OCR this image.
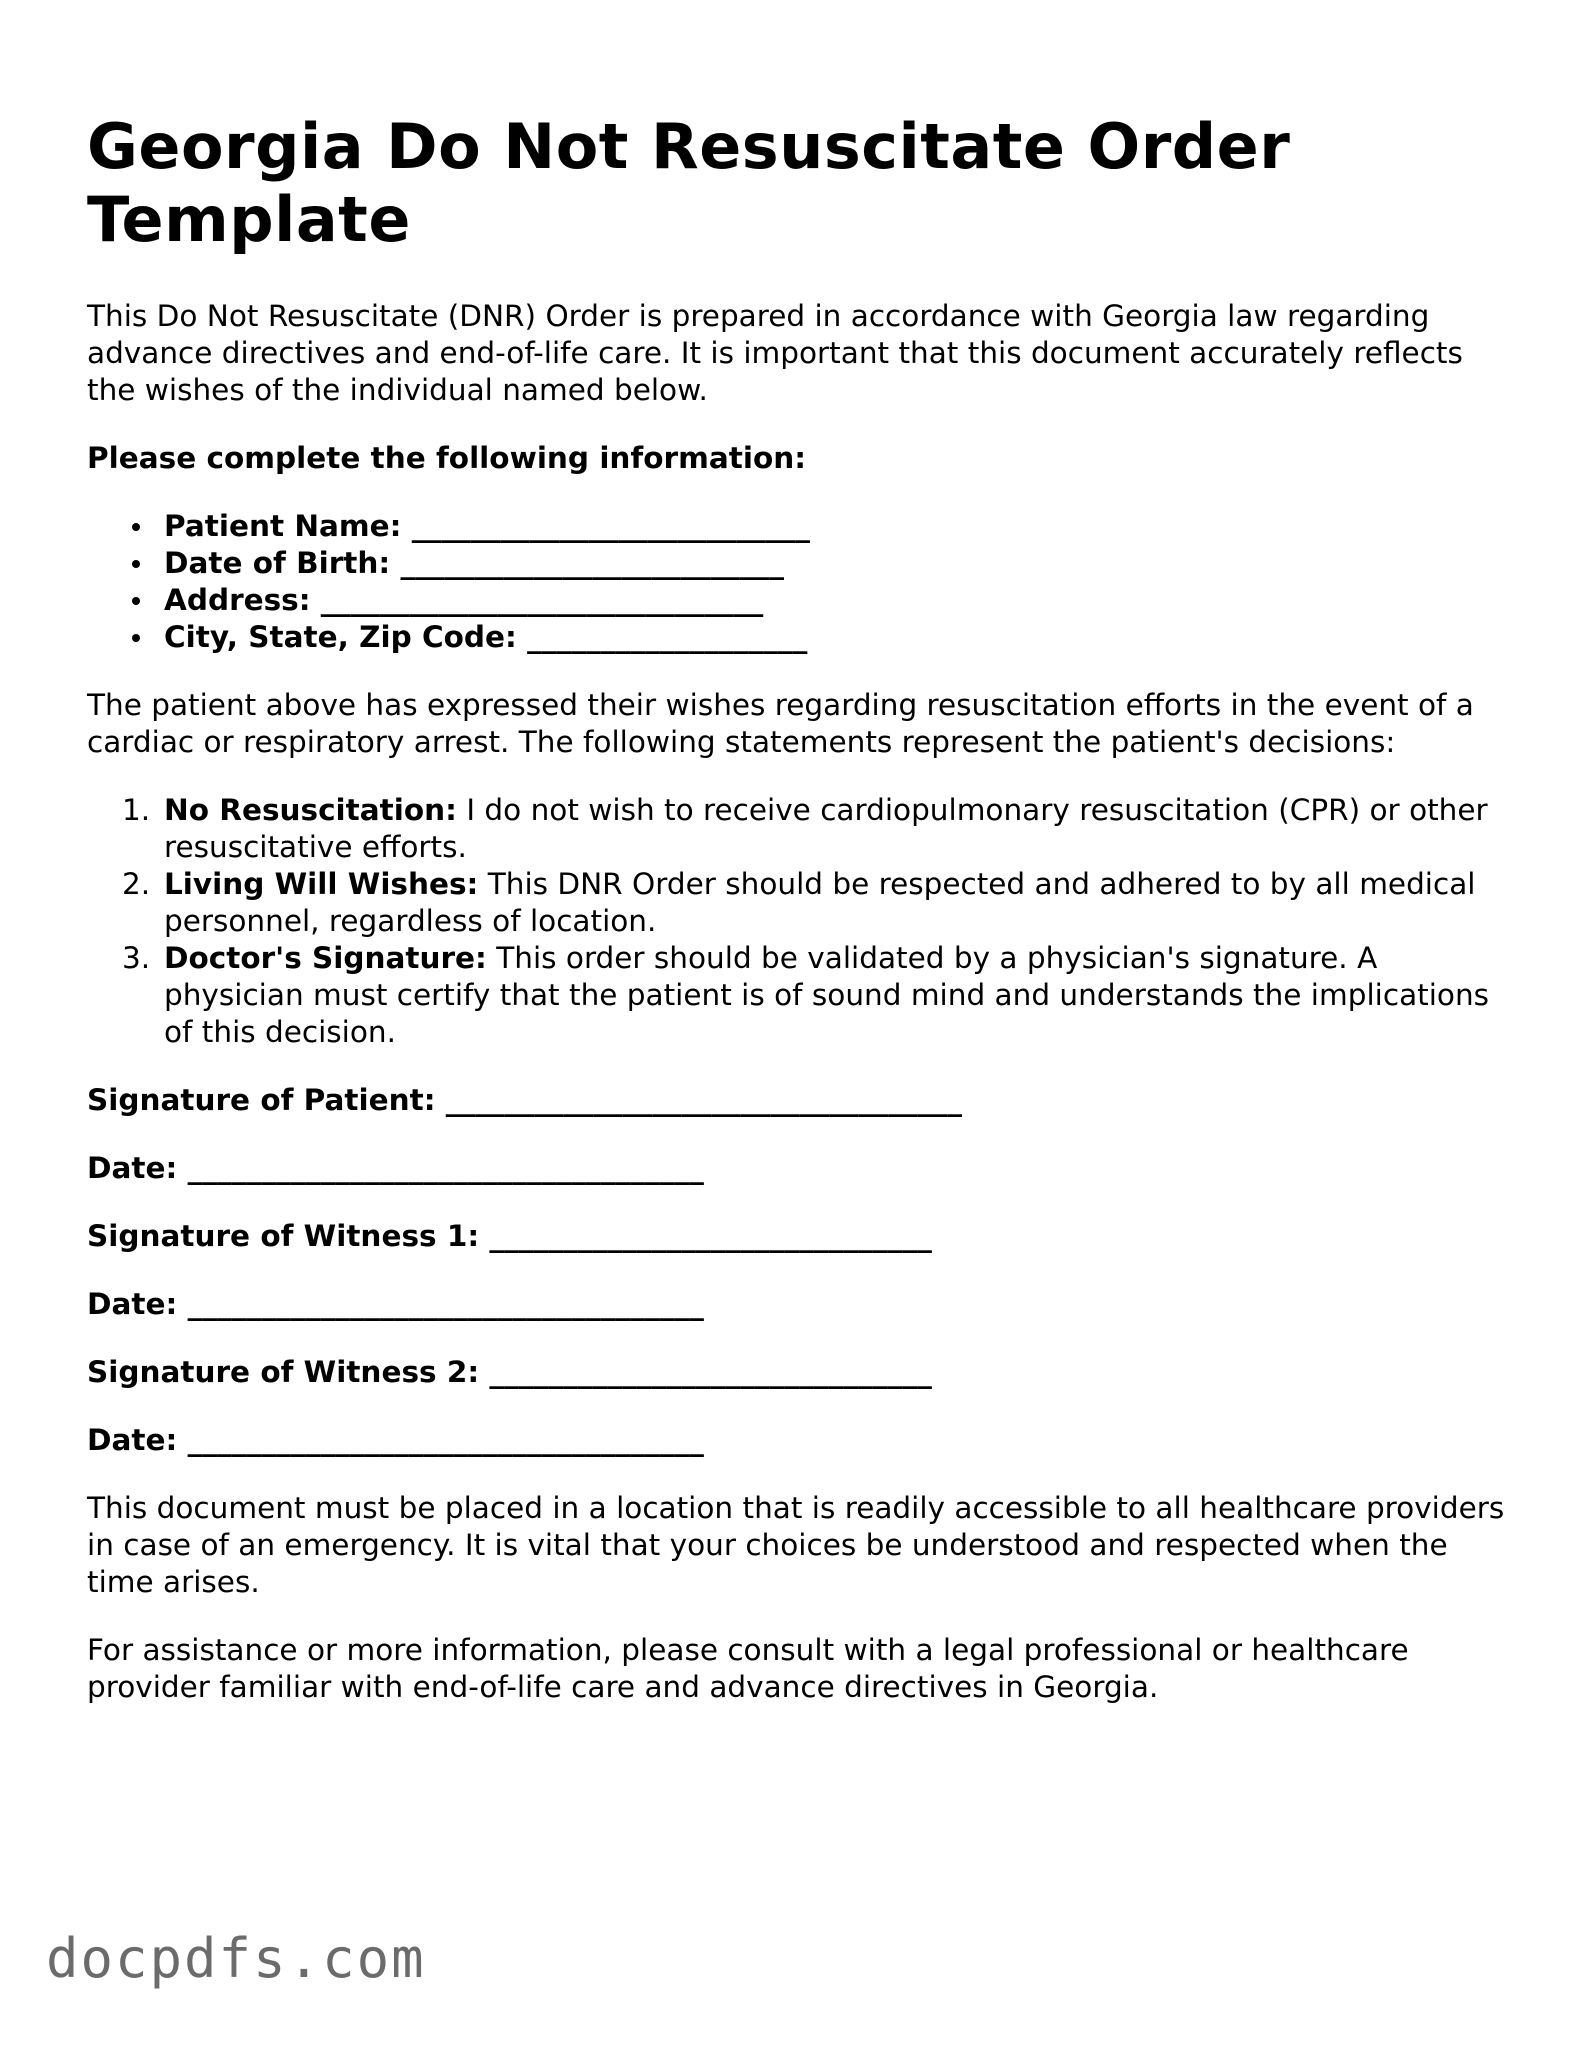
Georgia Do Not Resuscitate Order Template

This Do Not Resuscitate (DNR) Order is prepared in accordance with Georgia law regarding advance directives and end-of-life care. It is important that this document accurately reflects the wishes of the individual named below.

Please complete the following information:

Patient Name: ___________________________
Date of Birth: __________________________
Address: ______________________________
City, State, Zip Code: ___________________

The patient above has expressed their wishes regarding resuscitation efforts in the event of a cardiac or respiratory arrest. The following statements represent the patient's decisions:

1. No Resuscitation: I do not wish to receive cardiopulmonary resuscitation (CPR) or other resuscitative efforts.
2. Living Will Wishes: This DNR Order should be respected and adhered to by all medical personnel, regardless of location.
3. Doctor's Signature: This order should be validated by a physician's signature. A physician must certify that the patient is of sound mind and understands the implications of this decision.
Signature of Patient: ___________________________________
Date: ___________________________________
Signature of Witness 1: ______________________________
Date: ___________________________________
Signature of Witness 2: ______________________________
Date: ___________________________________

This document must be placed in a location that is readily accessible to all healthcare providers in case of an emergency. It is vital that your choices be understood and respected when the time arises.

For assistance or more information, please consult with a legal professional or healthcare provider familiar with end-of-life care and advance directives in Georgia.

docpdfs.com
